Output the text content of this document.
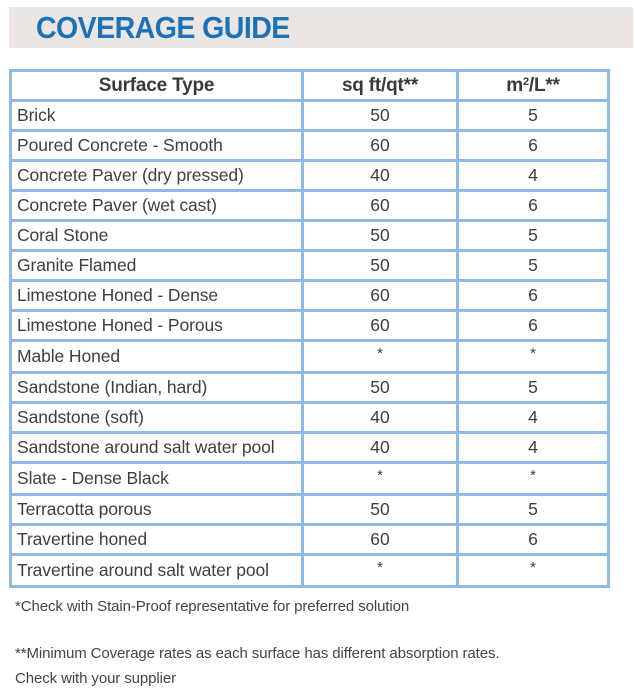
COVERAGE GUIDE
Surface Type	sq ft/qt**	$m^2/L**$
Brick	50	5
Poured Concrete - Smooth	60	6
Concrete Paver (dry pressed)	40	4
Concrete Paver (wet cast)	60	6
Coral Stone	50	5
Granite Flamed	50	5
Limestone Honed - Dense	60	6
Limestone Honed - Porous	60	6
Mable Honed	*	*
Sandstone (Indian, hard)	50	5
Sandstone (soft)	40	4
Sandstone around salt water pool	40	4
Slate - Dense Black	*	*
Terracotta porous	50	5
Travertine honed	60	6
Travertine around salt water pool	*	*
*Check with Stain-Proof representative for preferred solution
**Minimum Coverage rates as each surface has different absorption rates.
Check with your supplier
